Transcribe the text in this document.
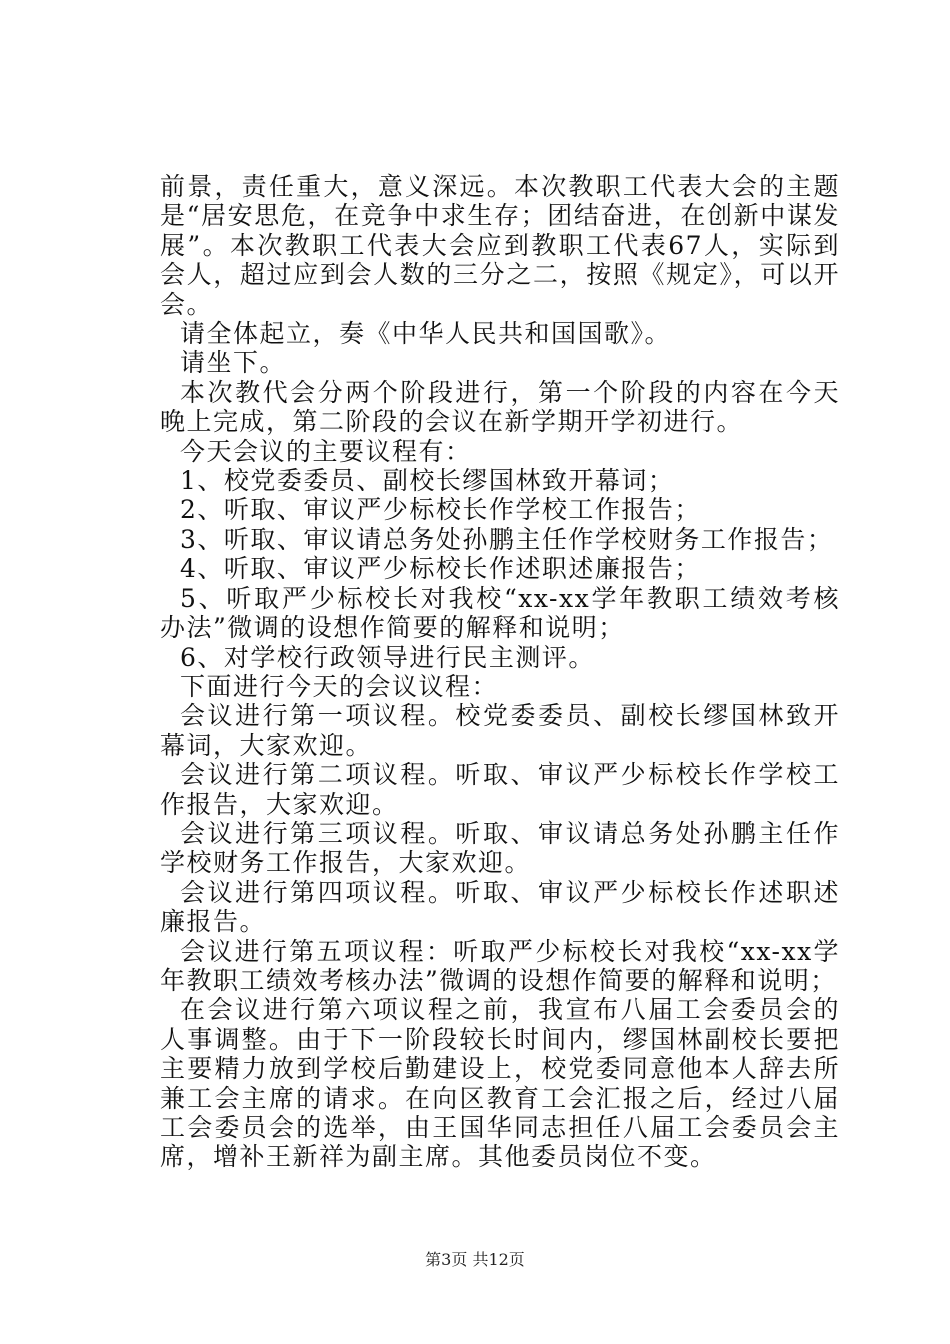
前景，责任重大，意义深远。本次教职工代表大会的主题是“居安思危，在竞争中求生存；团结奋进，在创新中谋发展”。本次教职工代表大会应到教职工代表67人，实际到会人，超过应到会人数的三分之二，按照《规定》，可以开会。

请全体起立，奏《中华人民共和国国歌》。

请坐下。

本次教代会分两个阶段进行，第一个阶段的内容在今天晚上完成，第二阶段的会议在新学期开学初进行。

今天会议的主要议程有：

1、校党委委员、副校长缪国林致开幕词；

2、听取、审议严少标校长作学校工作报告；

3、听取、审议请总务处孙鹏主任作学校财务工作报告；

4、听取、审议严少标校长作述职述廉报告；

5、听取严少标校长对我校“xx-xx学年教职工绩效考核办法”微调的设想作简要的解释和说明；

6、对学校行政领导进行民主测评。

下面进行今天的会议议程：

会议进行第一项议程。校党委委员、副校长缪国林致开幕词，大家欢迎。

会议进行第二项议程。听取、审议严少标校长作学校工作报告，大家欢迎。

会议进行第三项议程。听取、审议请总务处孙鹏主任作学校财务工作报告，大家欢迎。

会议进行第四项议程。听取、审议严少标校长作述职述廉报告。

会议进行第五项议程：听取严少标校长对我校“xx-xx学年教职工绩效考核办法”微调的设想作简要的解释和说明；

在会议进行第六项议程之前，我宣布八届工会委员会的人事调整。由于下一阶段较长时间内，缪国林副校长要把主要精力放到学校后勤建设上，校党委同意他本人辞去所兼工会主席的请求。在向区教育工会汇报之后，经过八届工会委员会的选举，由王国华同志担任八届工会委员会主席，增补王新祥为副主席。其他委员岗位不变。

第3页 共12页
